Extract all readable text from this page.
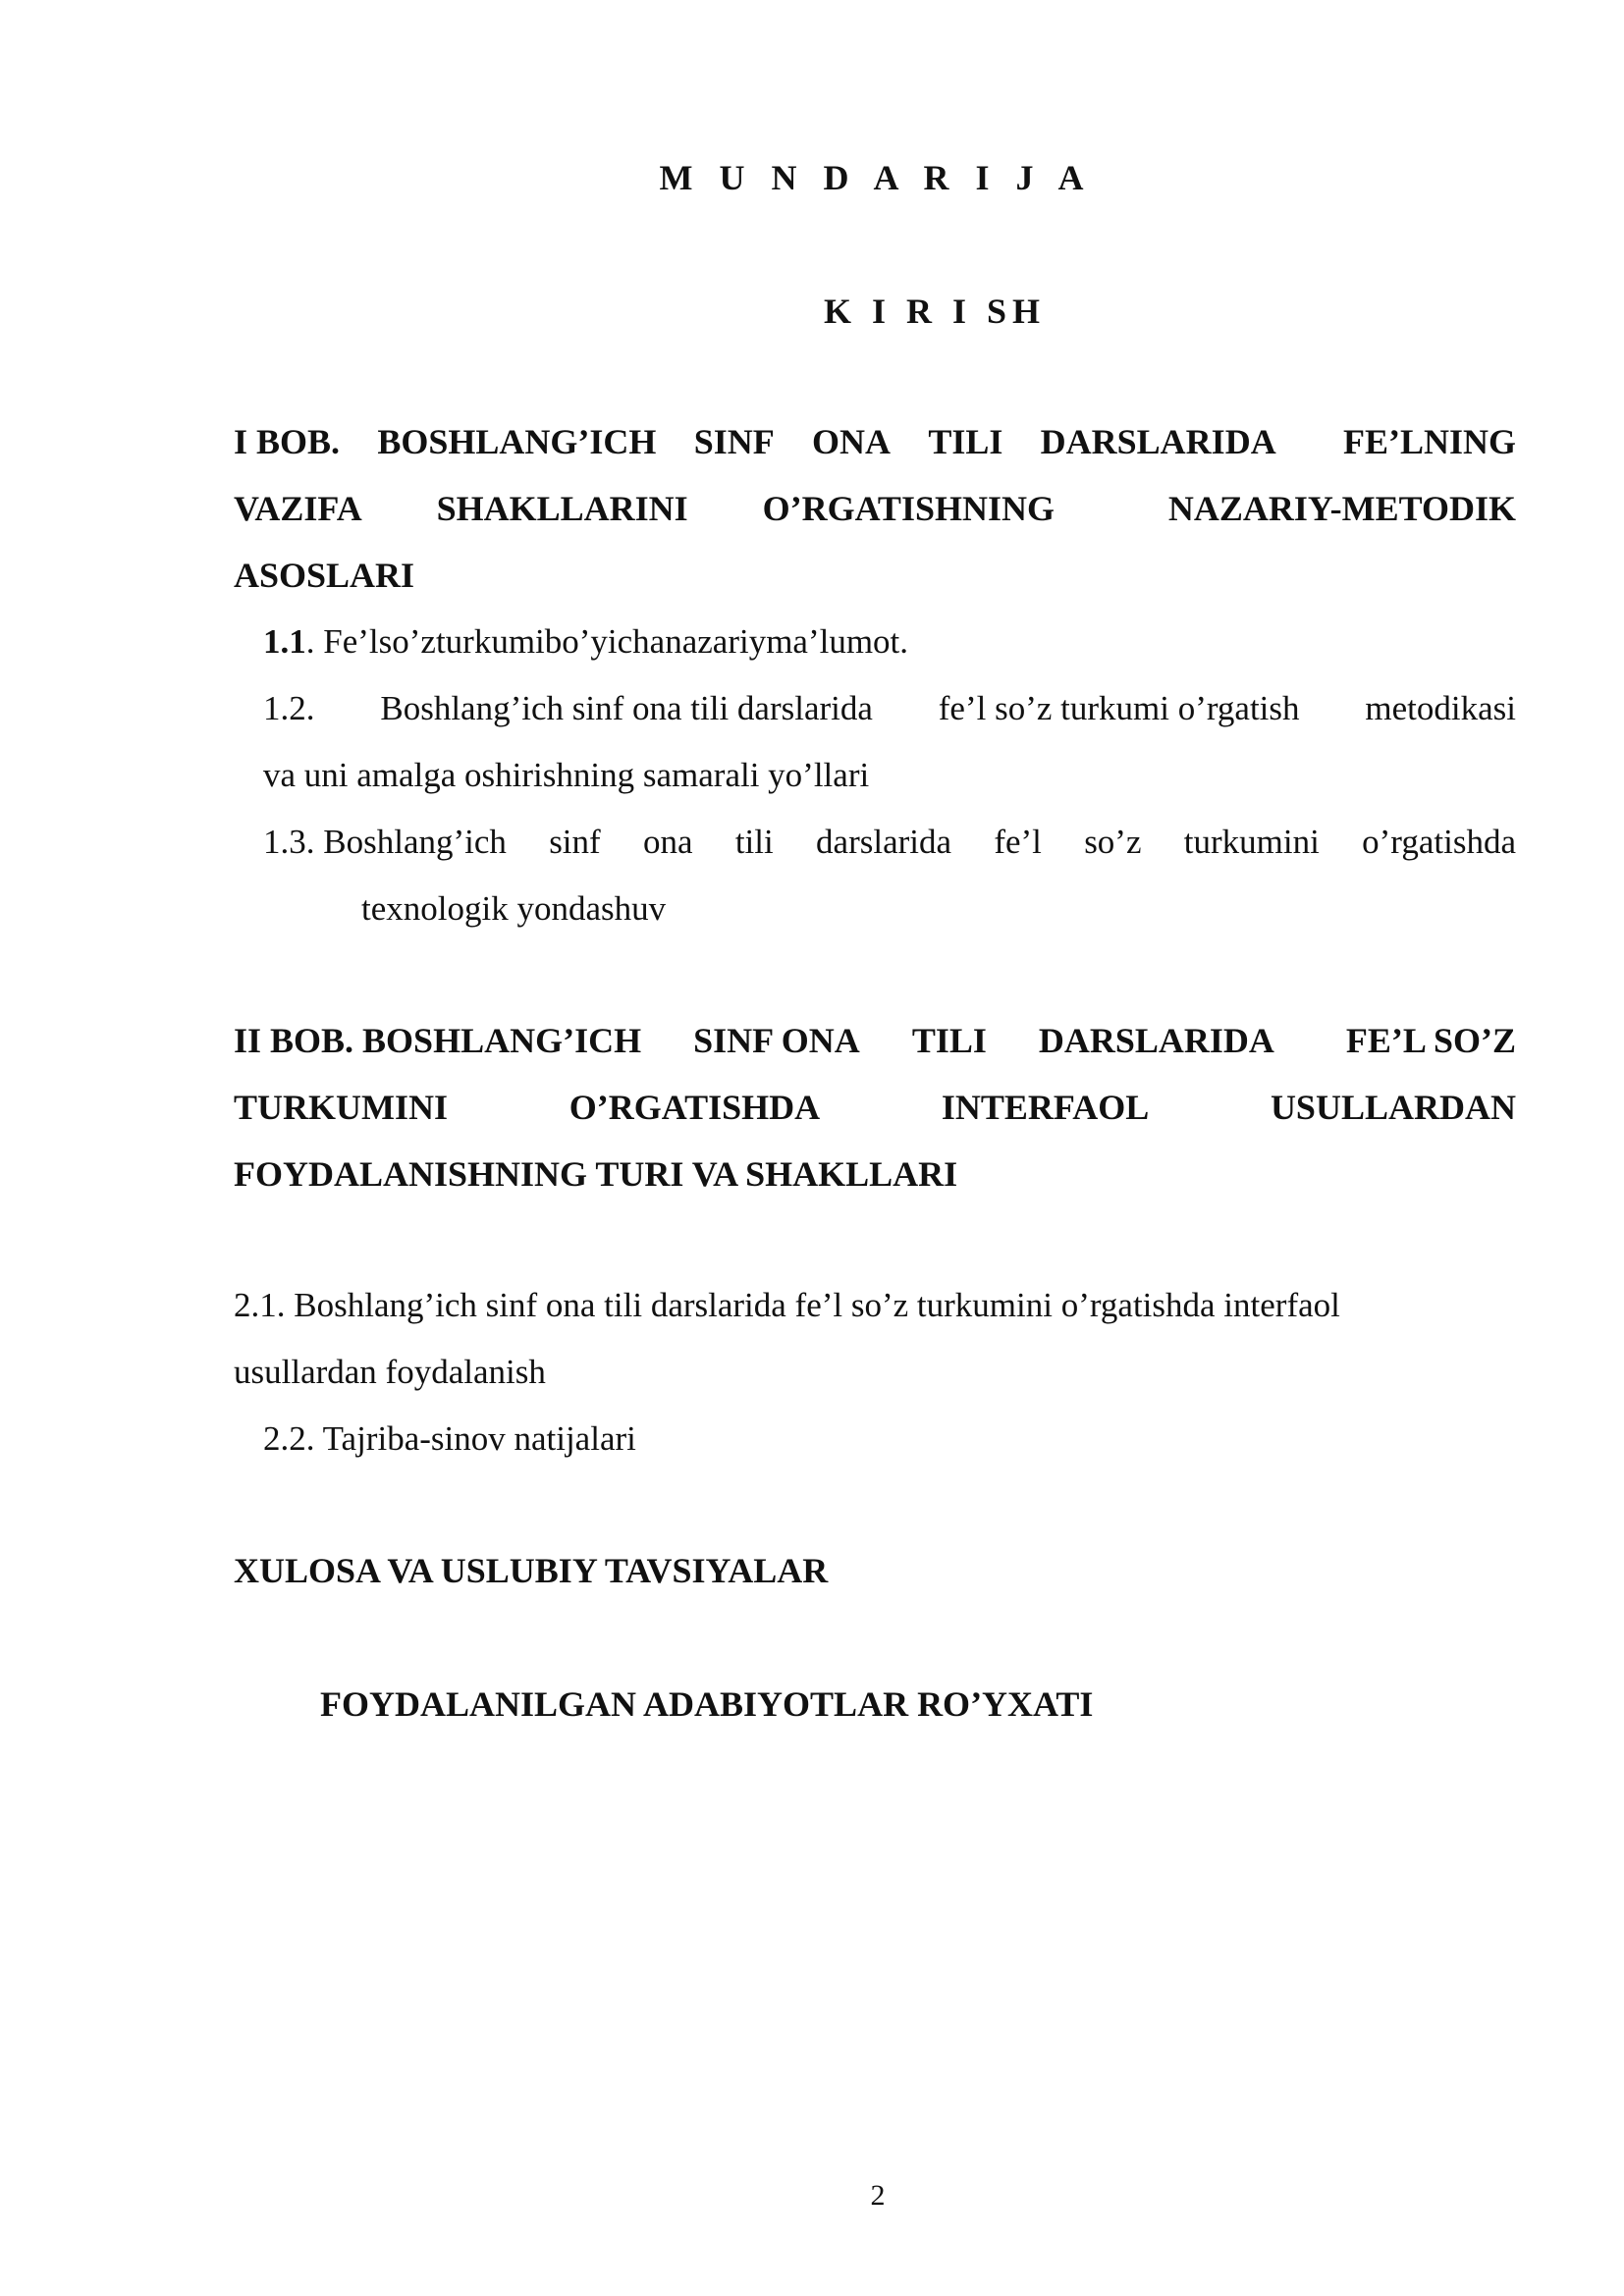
M U N D A R I J A
K I R I SH
I BOB. BOSHLANG’ICH SINF ONA TILI DARSLARIDA	FE’LNING
VAZIFA SHAKLLARINI O’RGATISHNING	NAZARIY-METODIK
ASOSLARI
1.1. Fe’lso’zturkumibo’yichanazariyma’lumot.
1.2. Boshlang’ich sinf ona tili darslarida fe’l so’z turkumi o’rgatish metodikasi
va uni amalga oshirishning samarali yo’llari
1.3. Boshlang’ich sinf ona tili darslarida fe’l so’z turkumini o’rgatishda
texnologik yondashuv
II BOB. BOSHLANG’ICH SINF ONA TILI DARSLARIDA	FE’L SO’Z
TURKUMINI	O’RGATISHDA	INTERFAOL	USULLARDAN
FOYDALANISHNING TURI VA SHAKLLARI
2.1. Boshlang’ich sinf ona tili darslarida fe’l so’z turkumini o’rgatishda interfaol
usullardan foydalanish
2.2. Tajriba-sinov natijalari
XULOSA VA USLUBIY TAVSIYALAR
FOYDALANILGAN ADABIYOTLAR RO’YXATI
2
